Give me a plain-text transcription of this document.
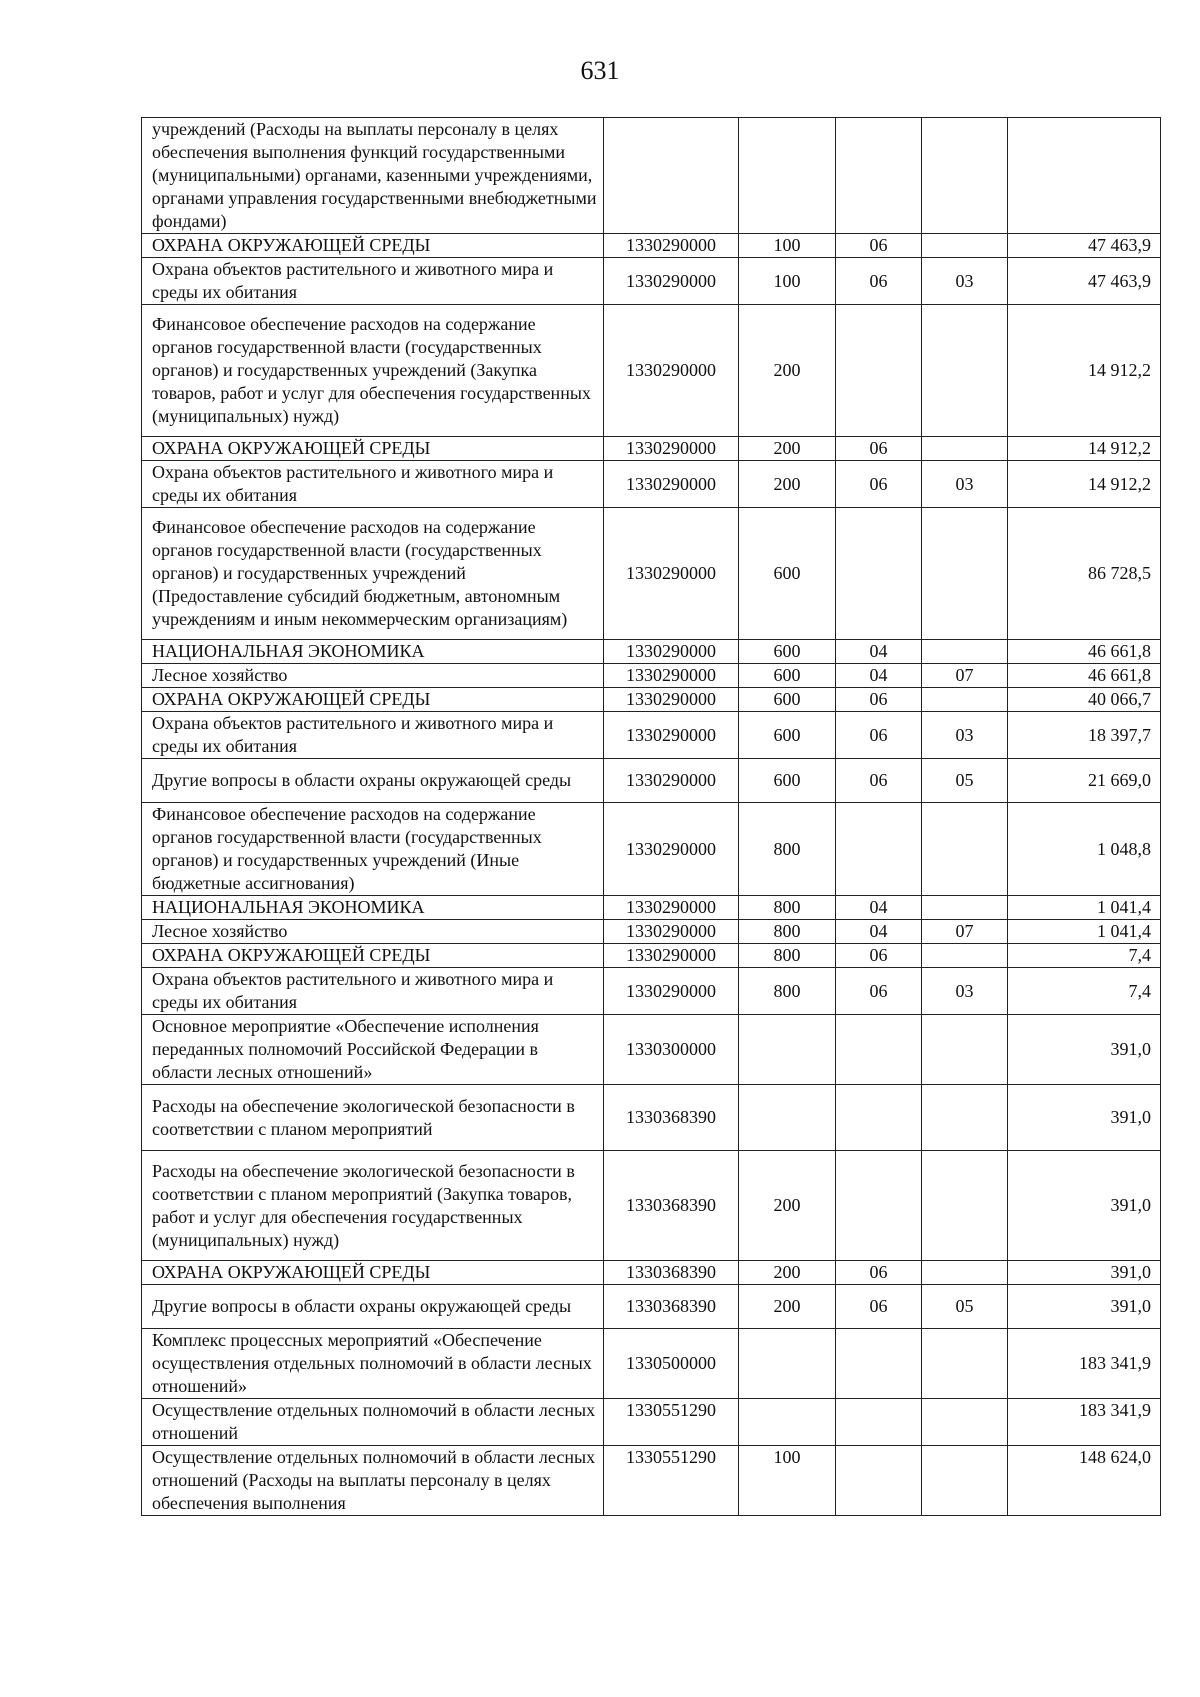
631
учреждений (Расходы на выплаты персоналу в целях обеспечения выполнения функций государственными (муниципальными) органами, казенными учреждениями, органами управления государственными внебюджетными фондами)					
ОХРАНА ОКРУЖАЮЩЕЙ СРЕДЫ	1330290000	100	06		47 463,9
Охрана объектов растительного и животного мира и среды их обитания	1330290000	100	06	03	47 463,9
Финансовое обеспечение расходов на содержание органов государственной власти (государственных органов) и государственных учреждений (Закупка товаров, работ и услуг для обеспечения государственных (муниципальных) нужд)	1330290000	200			14 912,2
ОХРАНА ОКРУЖАЮЩЕЙ СРЕДЫ	1330290000	200	06		14 912,2
Охрана объектов растительного и животного мира и среды их обитания	1330290000	200	06	03	14 912,2
Финансовое обеспечение расходов на содержание органов государственной власти (государственных органов) и государственных учреждений (Предоставление субсидий бюджетным, автономным учреждениям и иным некоммерческим организациям)	1330290000	600			86 728,5
НАЦИОНАЛЬНАЯ ЭКОНОМИКА	1330290000	600	04		46 661,8
Лесное хозяйство	1330290000	600	04	07	46 661,8
ОХРАНА ОКРУЖАЮЩЕЙ СРЕДЫ	1330290000	600	06		40 066,7
Охрана объектов растительного и животного мира и среды их обитания	1330290000	600	06	03	18 397,7
Другие вопросы в области охраны окружающей среды	1330290000	600	06	05	21 669,0
Финансовое обеспечение расходов на содержание органов государственной власти (государственных органов) и государственных учреждений (Иные бюджетные ассигнования)	1330290000	800			1 048,8
НАЦИОНАЛЬНАЯ ЭКОНОМИКА	1330290000	800	04		1 041,4
Лесное хозяйство	1330290000	800	04	07	1 041,4
ОХРАНА ОКРУЖАЮЩЕЙ СРЕДЫ	1330290000	800	06		7,4
Охрана объектов растительного и животного мира и среды их обитания	1330290000	800	06	03	7,4
Основное мероприятие «Обеспечение исполнения переданных полномочий Российской Федерации в области лесных отношений»	1330300000				391,0
Расходы на обеспечение экологической безопасности в соответствии с планом мероприятий	1330368390				391,0
Расходы на обеспечение экологической безопасности в соответствии с планом мероприятий (Закупка товаров, работ и услуг для обеспечения государственных (муниципальных) нужд)	1330368390	200			391,0
ОХРАНА ОКРУЖАЮЩЕЙ СРЕДЫ	1330368390	200	06		391,0
Другие вопросы в области охраны окружающей среды	1330368390	200	06	05	391,0
Комплекс процессных мероприятий «Обеспечение осуществления отдельных полномочий в области лесных отношений»	1330500000				183 341,9
Осуществление отдельных полномочий в области лесных отношений	1330551290				183 341,9
Осуществление отдельных полномочий в области лесных отношений (Расходы на выплаты персоналу в целях обеспечения выполнения	1330551290	100			148 624,0
